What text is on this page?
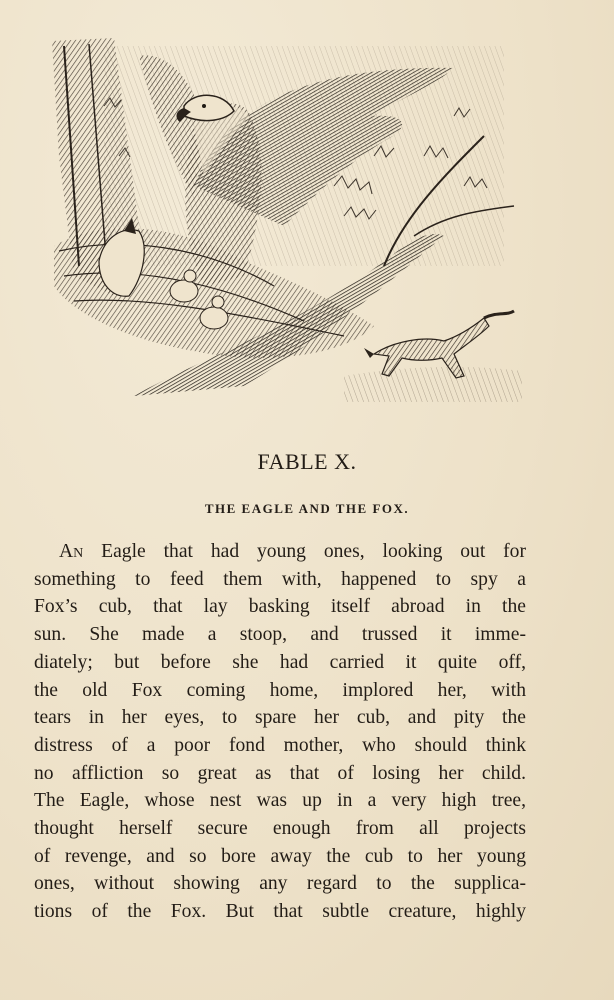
FABLE X.
THE EAGLE AND THE FOX.

An Eagle that had young ones, looking out for
something to feed them with, happened to spy a
Fox’s cub, that lay basking itself abroad in the
sun. She made a stoop, and trussed it imme-
diately; but before she had carried it quite off,
the old Fox coming home, implored her, with
tears in her eyes, to spare her cub, and pity the
distress of a poor fond mother, who should think
no affliction so great as that of losing her child.
The Eagle, whose nest was up in a very high tree,
thought herself secure enough from all projects
of revenge, and so bore away the cub to her young
ones, without showing any regard to the supplica-
tions of the Fox. But that subtle creature, highly
